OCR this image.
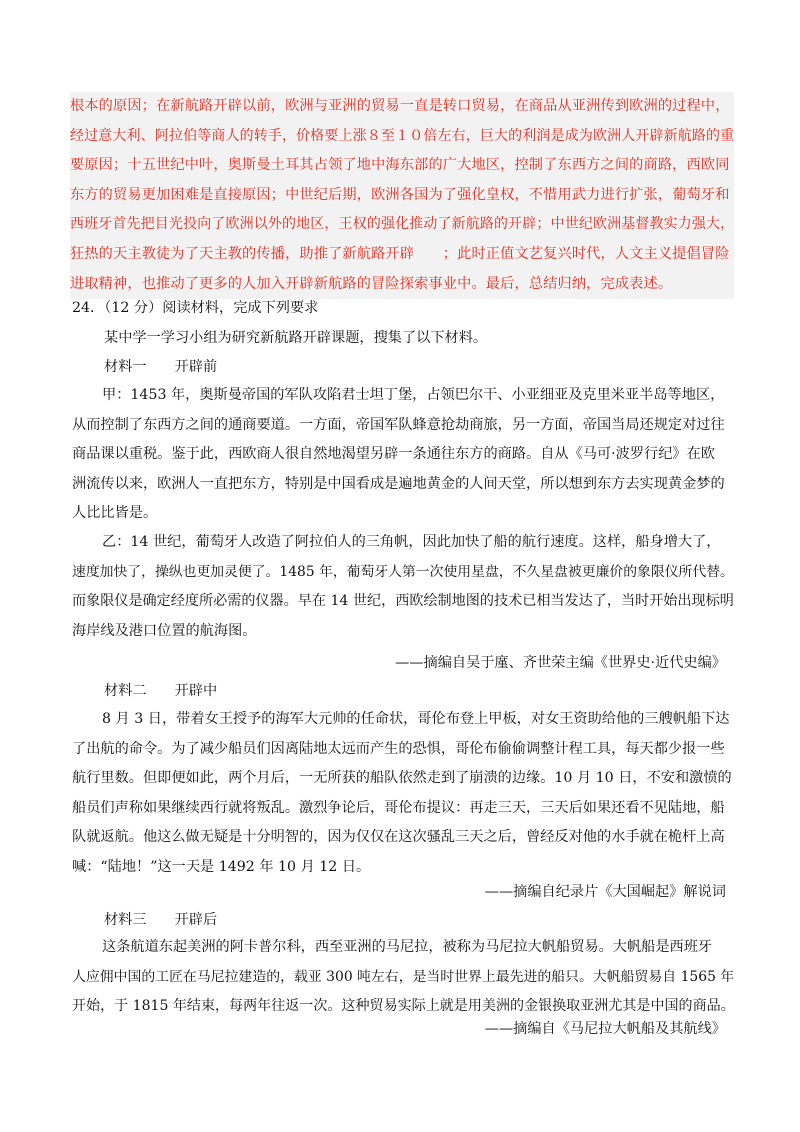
根本的原因；在新航路开辟以前，欧洲与亚洲的贸易一直是转口贸易，在商品从亚洲传到欧洲的过程中，
经过意大利、阿拉伯等商人的转手，价格要上涨８至１０倍左右，巨大的利润是成为欧洲人开辟新航路的重
要原因；十五世纪中叶，奥斯曼土耳其占领了地中海东部的广大地区，控制了东西方之间的商路，西欧同
东方的贸易更加困难是直接原因；中世纪后期，欧洲各国为了强化皇权，不惜用武力进行扩张，葡萄牙和
西班牙首先把目光投向了欧洲以外的地区，王权的强化推动了新航路的开辟；中世纪欧洲基督教实力强大，
狂热的天主教徒为了天主教的传播，助推了新航路开辟　　；此时正值文艺复兴时代，人文主义提倡冒险
进取精神，也推动了更多的人加入开辟新航路的冒险探索事业中。最后，总结归纳，完成表述。
24．（12 分）阅读材料，完成下列要求
某中学一学习小组为研究新航路开辟课题，搜集了以下材料。
材料一 开辟前
甲：1453 年，奥斯曼帝国的军队攻陷君士坦丁堡，占领巴尔干、小亚细亚及克里米亚半岛等地区，
从而控制了东西方之间的通商要道。一方面，帝国军队蜂意抢劫商旅，另一方面，帝国当局还规定对过往
商品课以重税。鉴于此，西欧商人很自然地渴望另辟一条通往东方的商路。自从《马可·波罗行纪》在欧
洲流传以来，欧洲人一直把东方，特别是中国看成是遍地黄金的人间天堂，所以想到东方去实现黄金梦的
人比比皆是。
乙：14 世纪，葡萄牙人改造了阿拉伯人的三角帆，因此加快了船的航行速度。这样，船身增大了，
速度加快了，操纵也更加灵便了。1485 年，葡萄牙人第一次使用星盘，不久星盘被更廉价的象限仪所代替。
而象限仪是确定经度所必需的仪器。早在 14 世纪，西欧绘制地图的技术已相当发达了，当时开始出现标明
海岸线及港口位置的航海图。
——摘编自吴于廑、齐世荣主编《世界史·近代史编》
材料二 开辟中
8 月 3 日，带着女王授予的海军大元帅的任命状，哥伦布登上甲板，对女王资助给他的三艘帆船下达
了出航的命令。为了减少船员们因离陆地太远而产生的恐惧，哥伦布偷偷调整计程工具，每天都少报一些
航行里数。但即便如此，两个月后，一无所获的船队依然走到了崩溃的边缘。10 月 10 日，不安和激愤的
船员们声称如果继续西行就将叛乱。激烈争论后，哥伦布提议：再走三天，三天后如果还看不见陆地，船
队就返航。他这么做无疑是十分明智的，因为仅仅在这次骚乱三天之后，曾经反对他的水手就在桅杆上高
喊：“陆地！”这一天是 1492 年 10 月 12 日。
——摘编自纪录片《大国崛起》解说词
材料三 开辟后
这条航道东起美洲的阿卡普尔科，西至亚洲的马尼拉，被称为马尼拉大帆船贸易。大帆船是西班牙
人应佣中国的工匠在马尼拉建造的，载亚 300 吨左右，是当时世界上最先进的船只。大帆船贸易自 1565 年
开始，于 1815 年结束，每两年往返一次。这种贸易实际上就是用美洲的金银换取亚洲尤其是中国的商品。
——摘编自《马尼拉大帆船及其航线》
